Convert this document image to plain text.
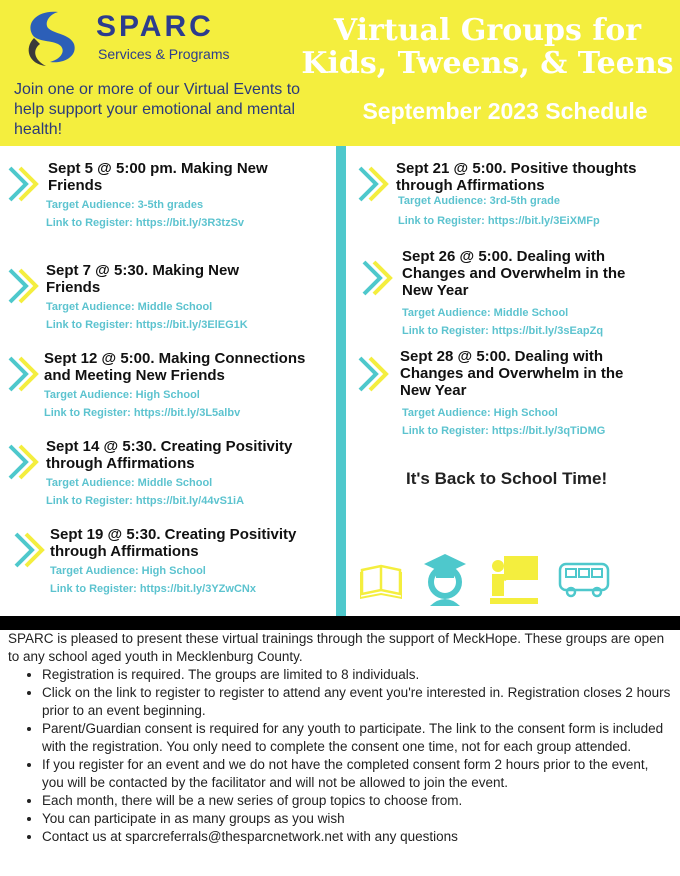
SPARC
Services & Programs
Join one or more of our Virtual Events to help support your emotional and mental health!
Virtual Groups for
Kids, Tweens, & Teens
September 2023 Schedule
Sept 5 @ 5:00 pm. Making New Friends
Target Audience: 3-5th grades
Link to Register: https://bit.ly/3R3tzSv
Sept 7 @ 5:30. Making New Friends
Target Audience: Middle School
Link to Register: https://bit.ly/3ElEG1K
Sept 12 @ 5:00. Making Connections and Meeting New Friends
Target Audience: High School
Link to Register: https://bit.ly/3L5albv
Sept 14 @ 5:30. Creating Positivity through Affirmations
Target Audience: Middle School
Link to Register: https://bit.ly/44vS1iA
Sept 19 @ 5:30. Creating Positivity through Affirmations
Target Audience: High School
Link to Register: https://bit.ly/3YZwCNx
Sept 21 @ 5:00. Positive thoughts through Affirmations
Target Audience: 3rd-5th grade
Link to Register: https://bit.ly/3EiXMFp
Sept 26 @ 5:00. Dealing with Changes and Overwhelm in the New Year
Target Audience: Middle School
Link to Register: https://bit.ly/3sEapZq
Sept 28 @ 5:00. Dealing with Changes and Overwhelm in the New Year
Target Audience: High School
Link to Register: https://bit.ly/3qTiDMG
It's Back to School Time!

SPARC is pleased to present these virtual trainings through the support of MeckHope. These groups are open to any school aged youth in Mecklenburg County.

• Registration is required. The groups are limited to 8 individuals.
• Click on the link to register to register to attend any event you're interested in. Registration closes 2 hours prior to an event beginning.
• Parent/Guardian consent is required for any youth to participate. The link to the consent form is included with the registration. You only need to complete the consent one time, not for each group attended.
• If you register for an event and we do not have the completed consent form 2 hours prior to the event, you will be contacted by the facilitator and will not be allowed to join the event.
• Each month, there will be a new series of group topics to choose from.
• You can participate in as many groups as you wish
• Contact us at sparcreferrals@thesparcnetwork.net with any questions
